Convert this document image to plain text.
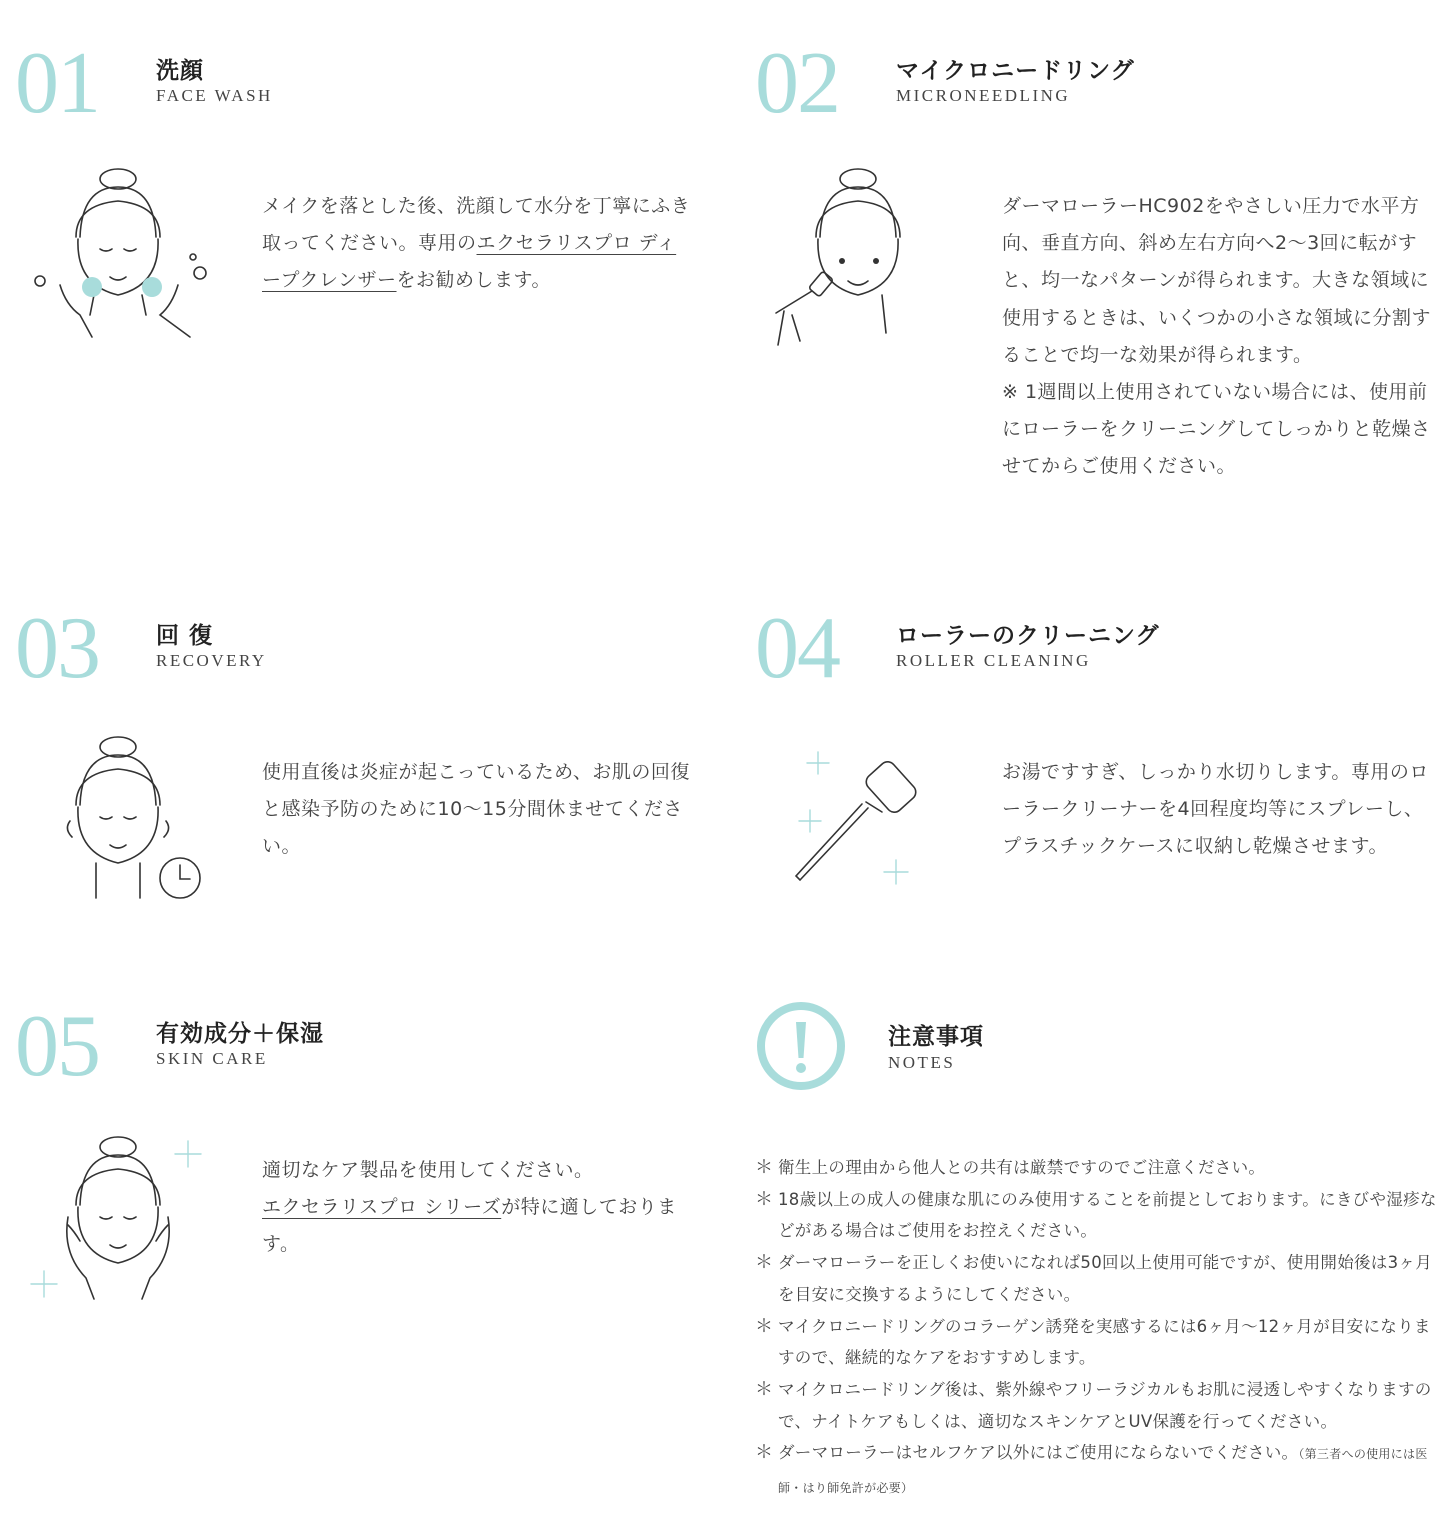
01 洗顔
FACE WASH

メイクを落とした後、洗顔して水分を丁寧にふき取ってください。専用のエクセラリスプロ ディープクレンザーをお勧めします。

02 マイクロニードリング
MICRONEEDLING

ダーマローラーHC902をやさしい圧力で水平方向、垂直方向、斜め左右方向へ2〜3回に転がすと、均一なパターンが得られます。大きな領域に使用するときは、いくつかの小さな領域に分割することで均一な効果が得られます。

※ 1週間以上使用されていない場合には、使用前にローラーをクリーニングしてしっかりと乾燥させてからご使用ください。

03 回 復
RECOVERY

使用直後は炎症が起こっているため、お肌の回復と感染予防のために10〜15分間休ませてください。

04 ローラーのクリーニング
ROLLER CLEANING

お湯ですすぎ、しっかり水切りします。専用のローラークリーナーを4回程度均等にスプレーし、プラスチックケースに収納し乾燥させます。

05 有効成分＋保湿
SKIN CARE

適切なケア製品を使用してください。
エクセラリスプロ シリーズが特に適しております。

注意事項
NOTES
＊ 衛生上の理由から他人との共有は厳禁ですのでご注意ください。
＊ 18歳以上の成人の健康な肌にのみ使用することを前提としております。にきびや湿疹などがある場合はご使用をお控えください。
＊ ダーマローラーを正しくお使いになれば50回以上使用可能ですが、使用開始後は3ヶ月を目安に交換するようにしてください。
＊ マイクロニードリングのコラーゲン誘発を実感するには6ヶ月〜12ヶ月が目安になりますので、継続的なケアをおすすめします。
＊ マイクロニードリング後は、紫外線やフリーラジカルもお肌に浸透しやすくなりますので、ナイトケアもしくは、適切なスキンケアとUV保護を行ってください。
＊ ダーマローラーはセルフケア以外にはご使用にならないでください。（第三者への使用には医師・はり師免許が必要）
